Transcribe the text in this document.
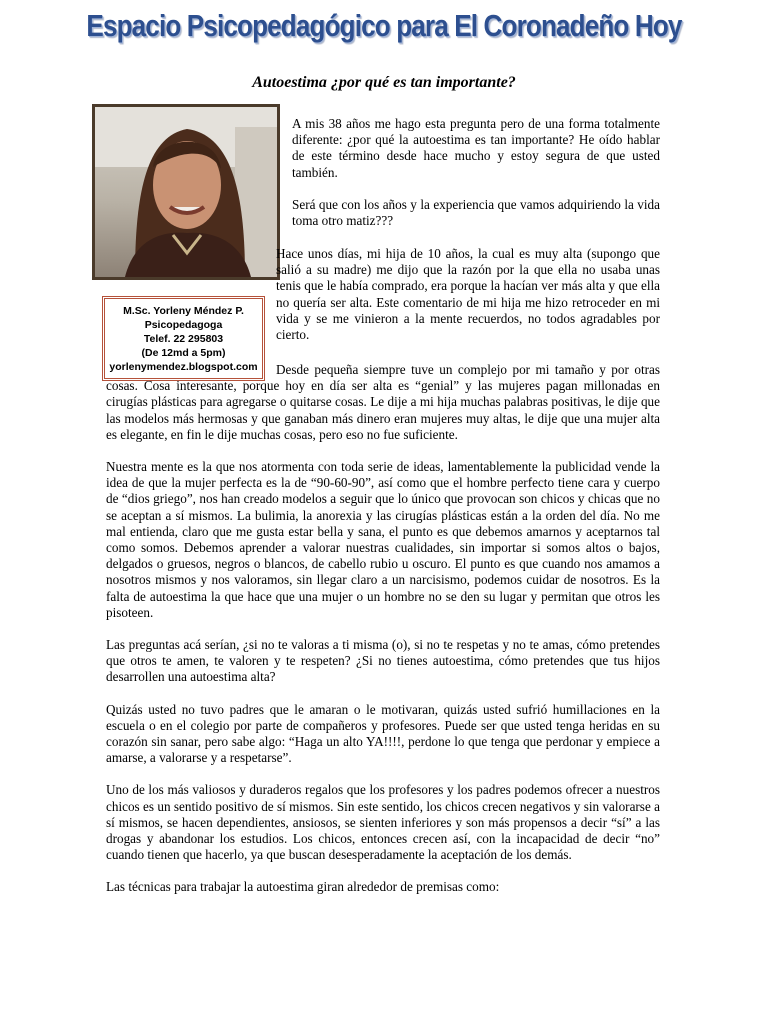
Espacio Psicopedagógico para El Coronadeño Hoy
Autoestima ¿por qué es tan importante?
M.Sc. Yorleny Méndez P.
Psicopedagoga
Telef. 22 295803
(De 12md a 5pm)
yorlenymendez.blogspot.com

A mis 38 años me hago esta pregunta pero de una forma totalmente diferente: ¿por qué la autoestima es tan importante? He oído hablar de este término desde hace mucho y estoy segura de que usted también.

Será que con los años y la experiencia que vamos adquiriendo la vida toma otro matiz???

Hace unos días, mi hija de 10 años, la cual es muy alta (supongo que salió a su madre) me dijo que la razón por la que ella no usaba unas tenis que le había comprado, era porque la hacían ver más alta y que ella no quería ser alta. Este comentario de mi hija me hizo retroceder en mi vida y se me vinieron a la mente recuerdos, no todos agradables por cierto.

Desde pequeña siempre tuve un complejo por mi tamaño y por otras cosas. Cosa interesante, porque hoy en día ser alta es “genial” y las mujeres pagan millonadas en cirugías plásticas para agregarse o quitarse cosas. Le dije a mi hija muchas palabras positivas, le dije que las modelos más hermosas y que ganaban más dinero eran mujeres muy altas, le dije que una mujer alta es elegante, en fin le dije muchas cosas, pero eso no fue suficiente.

Nuestra mente es la que nos atormenta con toda serie de ideas, lamentablemente la publicidad vende la idea de que la mujer perfecta es la de “90-60-90”, así como que el hombre perfecto tiene cara y cuerpo de “dios griego”, nos han creado modelos a seguir que lo único que provocan son chicos y chicas que no se aceptan a sí mismos. La bulimia, la anorexia y las cirugías plásticas están a la orden del día. No me mal entienda, claro que me gusta estar bella y sana, el punto es que debemos amarnos y aceptarnos tal como somos. Debemos aprender a valorar nuestras cualidades, sin importar si somos altos o bajos, delgados o gruesos, negros o blancos, de cabello rubio u oscuro. El punto es que cuando nos amamos a nosotros mismos y nos valoramos, sin llegar claro a un narcisismo, podemos cuidar de nosotros. Es la falta de autoestima la que hace que una mujer o un hombre no se den su lugar y permitan que otros les pisoteen.

Las preguntas acá serían, ¿si no te valoras a ti misma (o), si no te respetas y no te amas, cómo pretendes que otros te amen, te valoren y te respeten? ¿Si no tienes autoestima, cómo pretendes que tus hijos desarrollen una autoestima alta?

Quizás usted no tuvo padres que le amaran o le motivaran, quizás usted sufrió humillaciones en la escuela o en el colegio por parte de compañeros y profesores. Puede ser que usted tenga heridas en su corazón sin sanar, pero sabe algo: “Haga un alto YA!!!!, perdone lo que tenga que perdonar y empiece a amarse, a valorarse y a respetarse”.

Uno de los más valiosos y duraderos regalos que los profesores y los padres podemos ofrecer a nuestros chicos es un sentido positivo de sí mismos. Sin este sentido, los chicos crecen negativos y sin valorarse a sí mismos, se hacen dependientes, ansiosos, se sienten inferiores y son más propensos a decir “sí” a las drogas y abandonar los estudios. Los chicos, entonces crecen así, con la incapacidad de decir “no” cuando tienen que hacerlo, ya que buscan desesperadamente la aceptación de los demás.

Las técnicas para trabajar la autoestima giran alrededor de premisas como:
